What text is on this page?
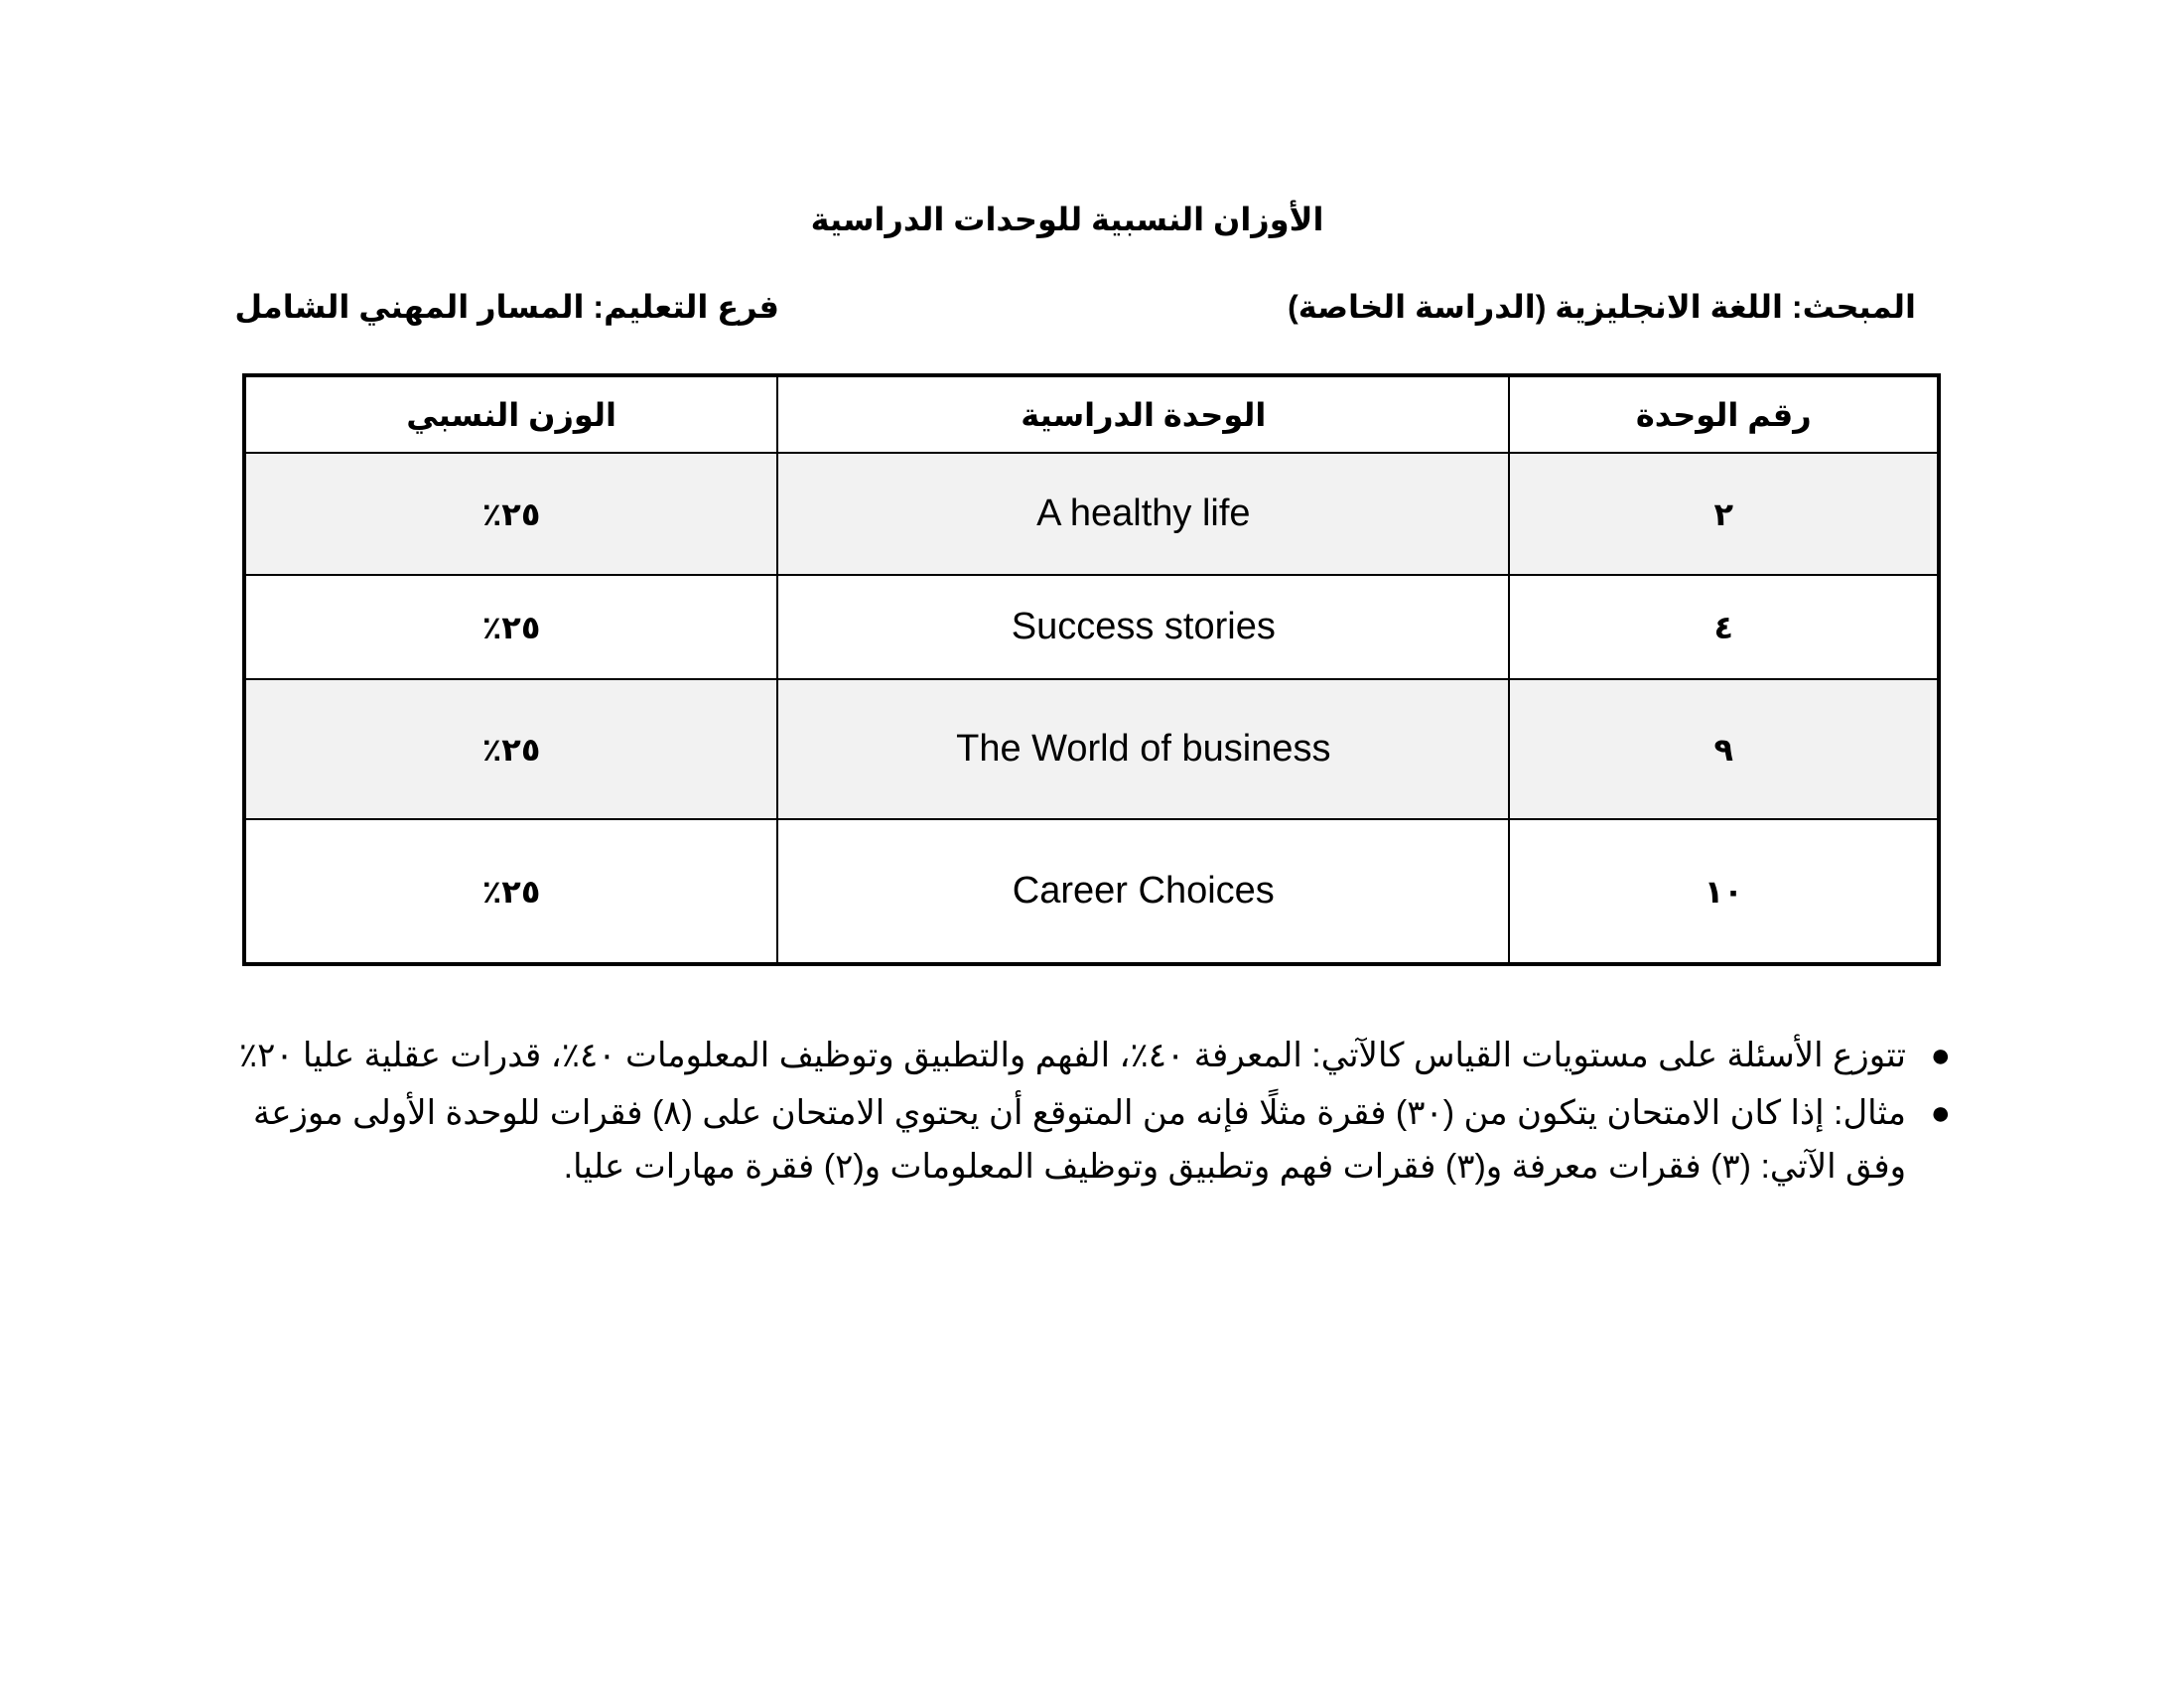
الأوزان النسبية للوحدات الدراسية
المبحث: اللغة الانجليزية (الدراسة الخاصة)
فرع التعليم: المسار المهني الشامل
رقم الوحدة	الوحدة الدراسية	الوزن النسبي
٢	A healthy life	٢٥٪
٤	Success stories	٢٥٪
٩	The World of business	٢٥٪
١٠	Career Choices	٢٥٪
●
تتوزع الأسئلة على مستويات القياس كالآتي: المعرفة ٤٠٪، الفهم والتطبيق وتوظيف المعلومات ٤٠٪، قدرات عقلية عليا ٢٠٪
●
مثال: إذا كان الامتحان يتكون من (٣٠) فقرة مثلًا فإنه من المتوقع أن يحتوي الامتحان على (٨) فقرات للوحدة الأولى موزعة وفق الآتي: (٣) فقرات معرفة و(٣) فقرات فهم وتطبيق وتوظيف المعلومات و(٢) فقرة مهارات عليا.
